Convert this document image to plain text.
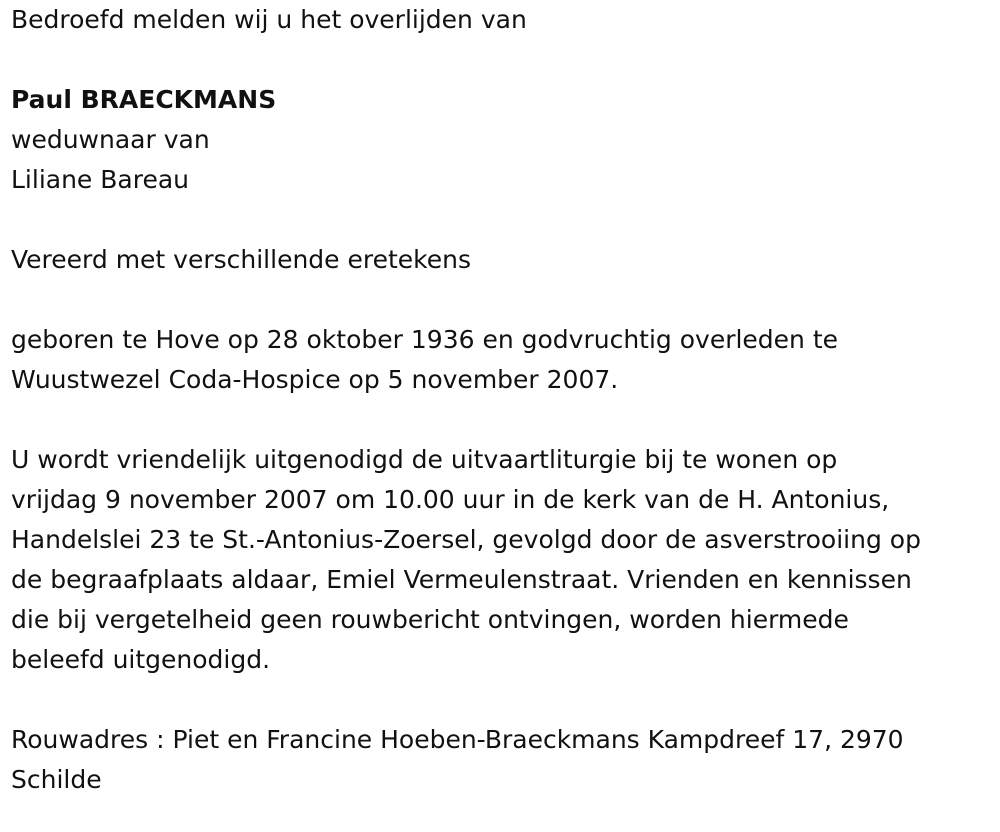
Bedroefd melden wij u het overlijden van
Paul BRAECKMANS
weduwnaar van
Liliane Bareau
Vereerd met verschillende eretekens
geboren te Hove op 28 oktober 1936 en godvruchtig overleden te
Wuustwezel Coda-Hospice op 5 november 2007.
U wordt vriendelijk uitgenodigd de uitvaartliturgie bij te wonen op
vrijdag 9 november 2007 om 10.00 uur in de kerk van de H. Antonius,
Handelslei 23 te St.-Antonius-Zoersel, gevolgd door de asverstrooiing op
de begraafplaats aldaar, Emiel Vermeulenstraat. Vrienden en kennissen
die bij vergetelheid geen rouwbericht ontvingen, worden hiermede
beleefd uitgenodigd.
Rouwadres : Piet en Francine Hoeben-Braeckmans Kampdreef 17, 2970
Schilde
